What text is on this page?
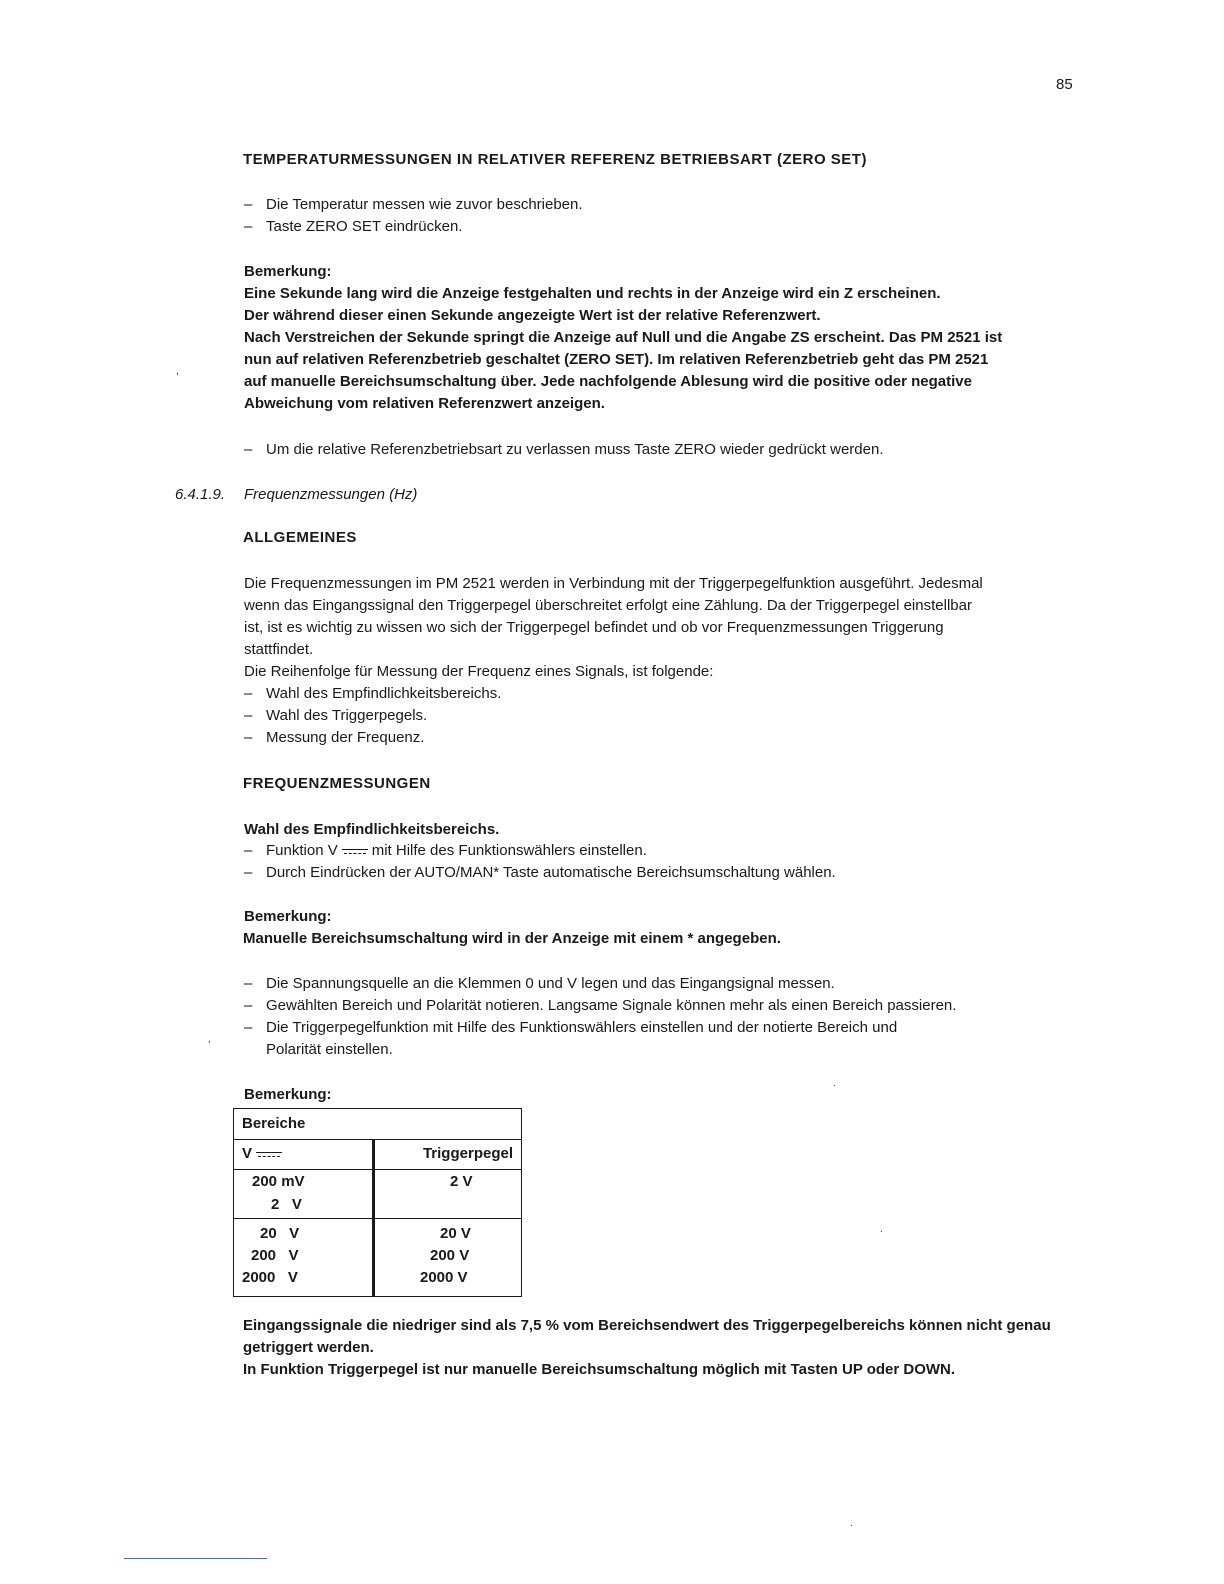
85
TEMPERATURMESSUNGEN IN RELATIVER REFERENZ BETRIEBSART (ZERO SET)
– Die Temperatur messen wie zuvor beschrieben.
– Taste ZERO SET eindrücken.
Bemerkung:
Eine Sekunde lang wird die Anzeige festgehalten und rechts in der Anzeige wird ein Z erscheinen.
Der während dieser einen Sekunde angezeigte Wert ist der relative Referenzwert.
Nach Verstreichen der Sekunde springt die Anzeige auf Null und die Angabe ZS erscheint. Das PM 2521 ist
nun auf relativen Referenzbetrieb geschaltet (ZERO SET). Im relativen Referenzbetrieb geht das PM 2521
auf manuelle Bereichsumschaltung über. Jede nachfolgende Ablesung wird die positive oder negative
Abweichung vom relativen Referenzwert anzeigen.
– Um die relative Referenzbetriebsart zu verlassen muss Taste ZERO wieder gedrückt werden.
6.4.1.9. Frequenzmessungen (Hz)
ALLGEMEINES
Die Frequenzmessungen im PM 2521 werden in Verbindung mit der Triggerpegelfunktion ausgeführt. Jedesmal
wenn das Eingangssignal den Triggerpegel überschreitet erfolgt eine Zählung. Da der Triggerpegel einstellbar
ist, ist es wichtig zu wissen wo sich der Triggerpegel befindet und ob vor Frequenzmessungen Triggerung
stattfindet.
Die Reihenfolge für Messung der Frequenz eines Signals, ist folgende:
– Wahl des Empfindlichkeitsbereichs.
– Wahl des Triggerpegels.
– Messung der Frequenz.
FREQUENZMESSUNGEN
Wahl des Empfindlichkeitsbereichs.
– Funktion V mit Hilfe des Funktionswählers einstellen.
– Durch Eindrücken der AUTO/MAN* Taste automatische Bereichsumschaltung wählen.
Bemerkung:
Manuelle Bereichsumschaltung wird in der Anzeige mit einem * angegeben.
– Die Spannungsquelle an die Klemmen 0 und V legen und das Eingangsignal messen.
– Gewählten Bereich und Polarität notieren. Langsame Signale können mehr als einen Bereich passieren.
– Die Triggerpegelfunktion mit Hilfe des Funktionswählers einstellen und der notierte Bereich und
Polarität einstellen.
Bemerkung:
Bereiche
V	Triggerpegel
200 mV
2   V
2 V
20   V
200   V
2000   V
20 V
200 V
2000 V
Eingangssignale die niedriger sind als 7,5 % vom Bereichsendwert des Triggerpegelbereichs können nicht genau
getriggert werden.
In Funktion Triggerpegel ist nur manuelle Bereichsumschaltung möglich mit Tasten UP oder DOWN.
,
,
.
.
.
